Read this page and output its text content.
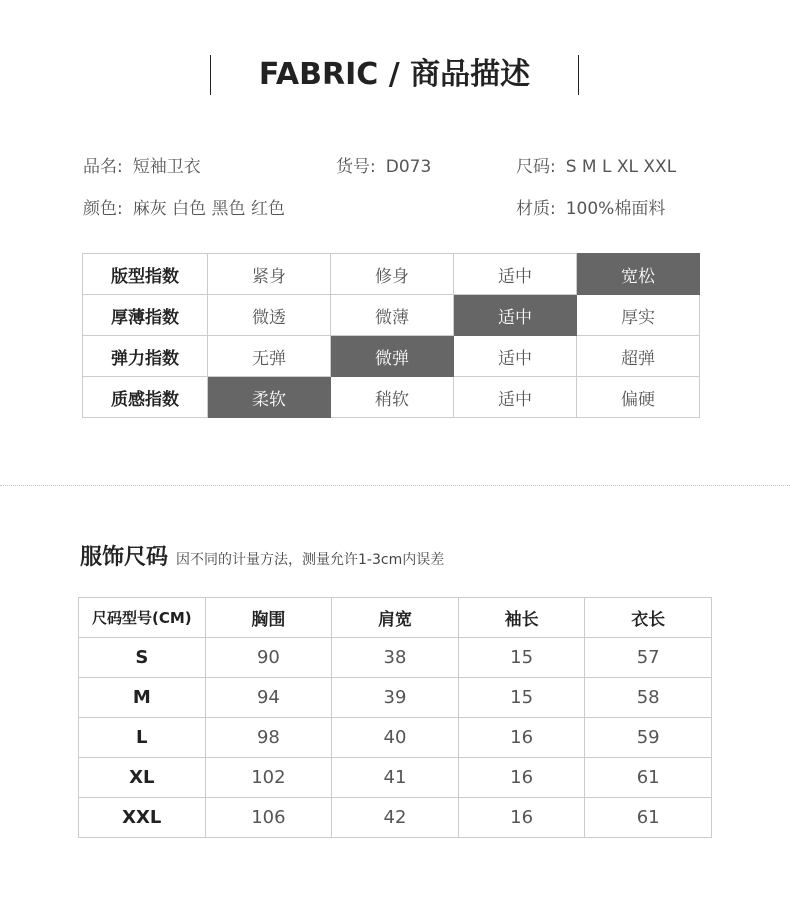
FABRIC / 商品描述
品名: 短袖卫衣	货号: D073	尺码: S M L XL XXL
颜色: 麻灰 白色 黑色 红色	材质: 100%棉面料
版型指数	紧身	修身	适中	宽松
厚薄指数	微透	微薄	适中	厚实
弹力指数	无弹	微弹	适中	超弹
质感指数	柔软	稍软	适中	偏硬
服饰尺码 因不同的计量方法，测量允许1-3cm内误差
尺码型号(CM)	胸围	肩宽	袖长	衣长
S	90	38	15	57
M	94	39	15	58
L	98	40	16	59
XL	102	41	16	61
XXL	106	42	16	61
